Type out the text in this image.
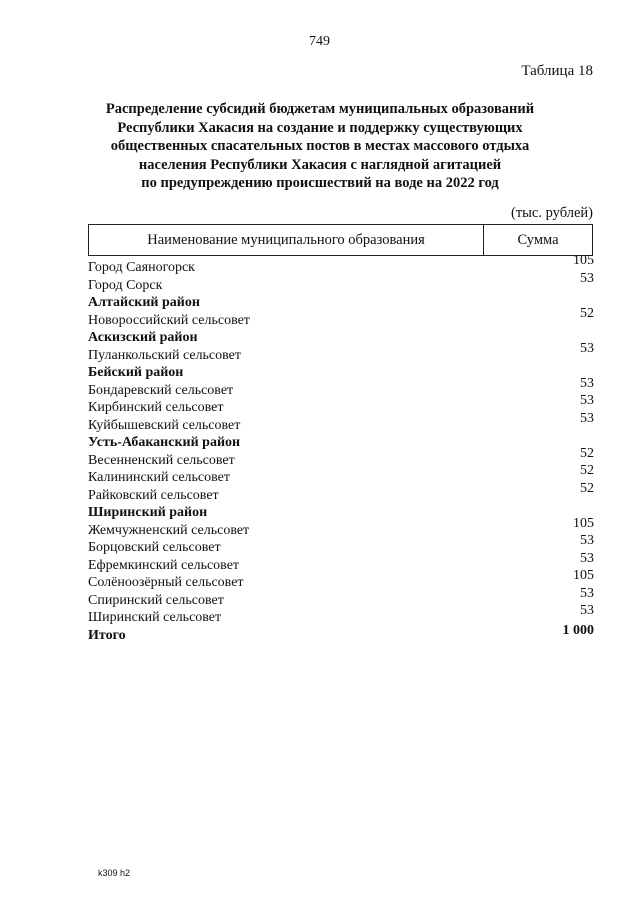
749
Таблица 18
Распределение субсидий бюджетам муниципальных образований
Республики Хакасия на создание и поддержку существующих
общественных спасательных постов в местах массового отдыха
населения Республики Хакасия с наглядной агитацией
по предупреждению происшествий на воде на 2022 год
(тыс. рублей)
Наименование муниципального образования	Сумма
Город Саяногорск	105
Город Сорск	53
Алтайский район
Новороссийский сельсовет	52
Аскизский район
Пуланкольский сельсовет	53
Бейский район
Бондаревский сельсовет	53
Кирбинский сельсовет	53
Куйбышевский сельсовет	53
Усть-Абаканский район
Весенненский сельсовет	52
Калининский сельсовет	52
Райковский сельсовет	52
Ширинский район
Жемчужненский сельсовет	105
Борцовский сельсовет	53
Ефремкинский сельсовет	53
Солёноозёрный сельсовет	105
Спиринский сельсовет	53
Ширинский сельсовет	53
Итого	1 000
k309 h2
